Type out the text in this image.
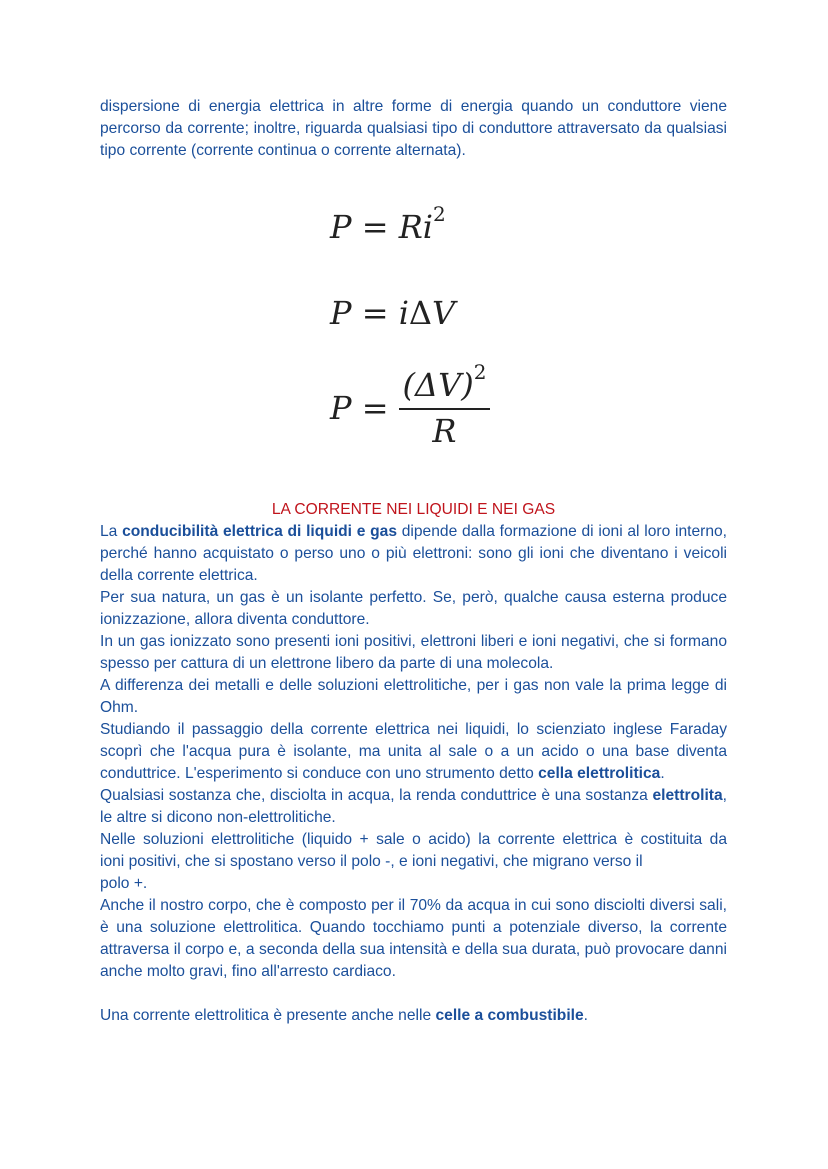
dispersione di energia elettrica in altre forme di energia quando un conduttore viene percorso da corrente; inoltre, riguarda qualsiasi tipo di conduttore attraversato da qualsiasi tipo corrente (corrente continua o corrente alternata).

$P = Ri^2$
P = iΔV
$P = \frac{(\Delta V)^2}{R}$
LA CORRENTE NEI LIQUIDI E NEI GAS

La conducibilità elettrica di liquidi e gas dipende dalla formazione di ioni al loro interno, perché hanno acquistato o perso uno o più elettroni: sono gli ioni che diventano i veicoli della corrente elettrica.

Per sua natura, un gas è un isolante perfetto. Se, però, qualche causa esterna produce ionizzazione, allora diventa conduttore.

In un gas ionizzato sono presenti ioni positivi, elettroni liberi e ioni negativi, che si formano spesso per cattura di un elettrone libero da parte di una molecola.

A differenza dei metalli e delle soluzioni elettrolitiche, per i gas non vale la prima legge di Ohm.

Studiando il passaggio della corrente elettrica nei liquidi, lo scienziato inglese Faraday scoprì che l'acqua pura è isolante, ma unita al sale o a un acido o una base diventa conduttrice. L'esperimento si conduce con uno strumento detto cella elettrolitica.

Qualsiasi sostanza che, disciolta in acqua, la renda conduttrice è una sostanza elettrolita, le altre si dicono non-elettrolitiche.

Nelle soluzioni elettrolitiche (liquido + sale o acido) la corrente elettrica è costituita da

ioni positivi, che si spostano verso il polo -, e ioni negativi, che migrano verso il

polo +.

Anche il nostro corpo, che è composto per il 70% da acqua in cui sono disciolti diversi sali, è una soluzione elettrolitica. Quando tocchiamo punti a potenziale diverso, la corrente attraversa il corpo e, a seconda della sua intensità e della sua durata, può provocare danni anche molto gravi, fino all'arresto cardiaco.

Una corrente elettrolitica è presente anche nelle celle a combustibile.
